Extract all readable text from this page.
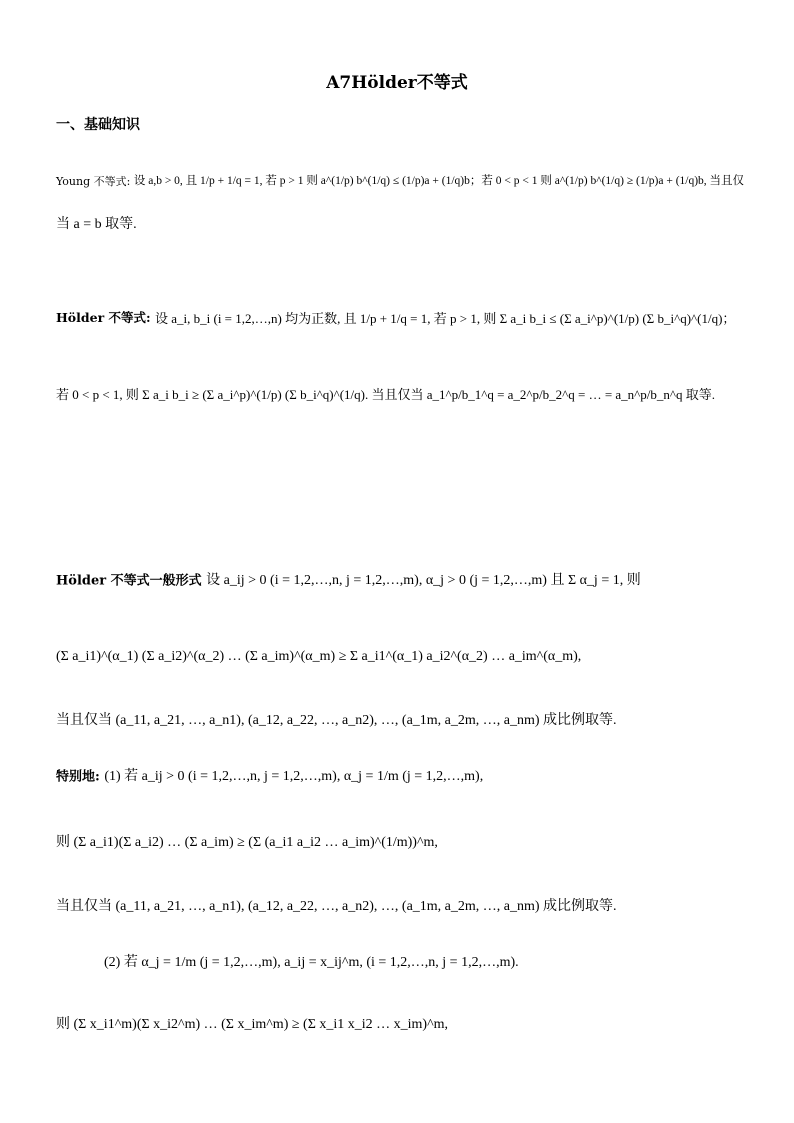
A7Hölder不等式
一、基础知识
Young 不等式: 设 a,b > 0, 且 1/p + 1/q = 1, 若 p > 1 则 a^(1/p) b^(1/q) ≤ (1/p)a + (1/q)b；若 0 < p < 1 则 a^(1/p) b^(1/q) ≥ (1/p)a + (1/q)b, 当且仅
当 a = b 取等.
Hölder 不等式: 设 a_i, b_i (i = 1,2,…,n) 均为正数, 且 1/p + 1/q = 1, 若 p > 1, 则 Σ a_i b_i ≤ (Σ a_i^p)^(1/p) (Σ b_i^q)^(1/q)；
若 0 < p < 1, 则 Σ a_i b_i ≥ (Σ a_i^p)^(1/p) (Σ b_i^q)^(1/q). 当且仅当 a_1^p/b_1^q = a_2^p/b_2^q = … = a_n^p/b_n^q 取等.
Hölder 不等式一般形式 设 a_ij > 0 (i = 1,2,…,n, j = 1,2,…,m), α_j > 0 (j = 1,2,…,m) 且 Σ α_j = 1, 则
(Σ a_i1)^(α_1) (Σ a_i2)^(α_2) … (Σ a_im)^(α_m) ≥ Σ a_i1^(α_1) a_i2^(α_2) … a_im^(α_m),
当且仅当 (a_11, a_21, …, a_n1), (a_12, a_22, …, a_n2), …, (a_1m, a_2m, …, a_nm) 成比例取等.
特别地: (1) 若 a_ij > 0 (i = 1,2,…,n, j = 1,2,…,m), α_j = 1/m (j = 1,2,…,m),
则 (Σ a_i1)(Σ a_i2) … (Σ a_im) ≥ (Σ (a_i1 a_i2 … a_im)^(1/m))^m,
当且仅当 (a_11, a_21, …, a_n1), (a_12, a_22, …, a_n2), …, (a_1m, a_2m, …, a_nm) 成比例取等.
(2) 若 α_j = 1/m (j = 1,2,…,m), a_ij = x_ij^m, (i = 1,2,…,n, j = 1,2,…,m).
则 (Σ x_i1^m)(Σ x_i2^m) … (Σ x_im^m) ≥ (Σ x_i1 x_i2 … x_im)^m,
